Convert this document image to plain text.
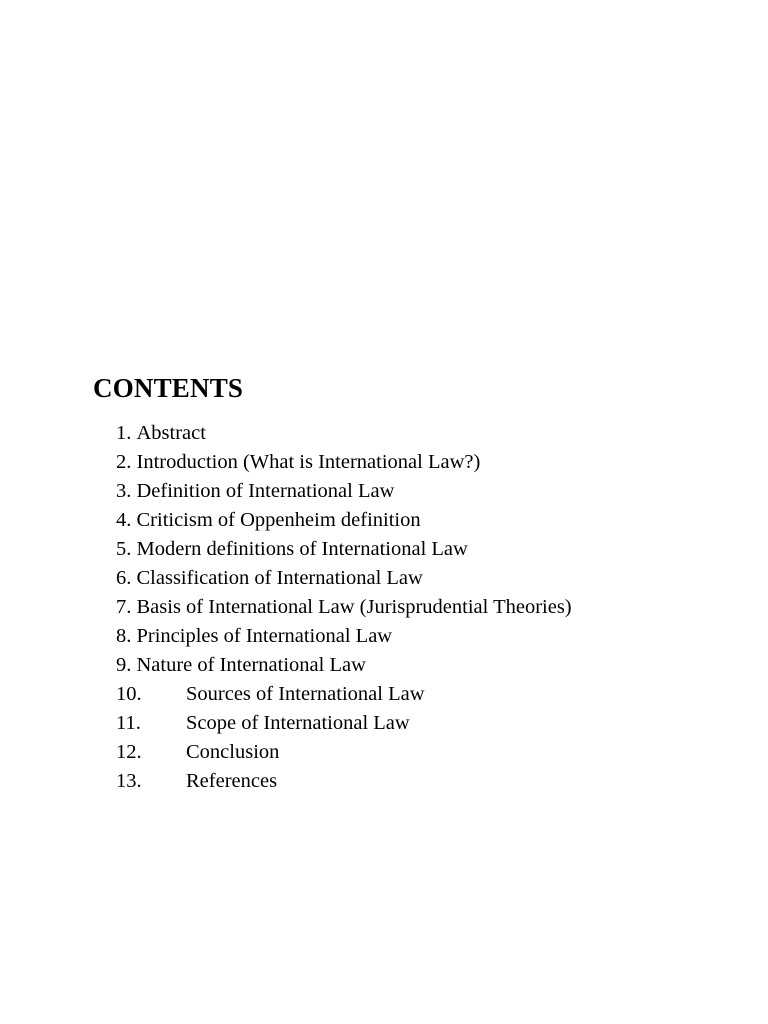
CONTENTS
1. Abstract
2. Introduction (What is International Law?)
3. Definition of International Law
4. Criticism of Oppenheim definition
5. Modern definitions of International Law
6. Classification of International Law
7. Basis of International Law (Jurisprudential Theories)
8. Principles of International Law
9. Nature of International Law
10.	Sources of International Law
11.	Scope of International Law
12.	Conclusion
13.	References
